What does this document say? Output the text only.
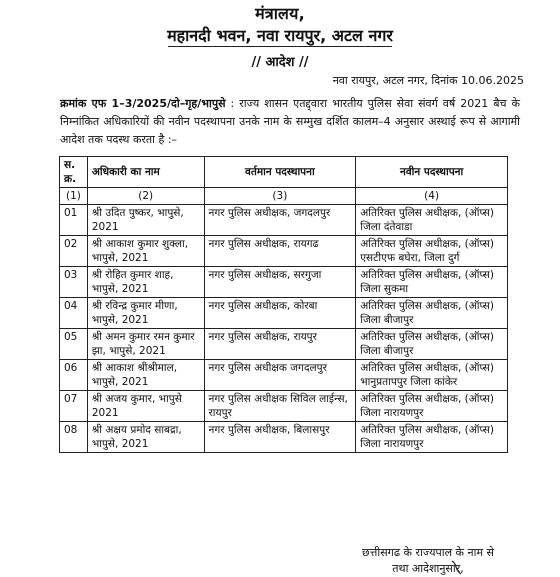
मंत्रालय,
महानदी भवन, नवा रायपुर, अटल नगर
// आदेश //
नवा रायपुर, अटल नगर, दिनांक 10.06.2025
क्रमांक एफ 1–3/2025/दो–गृह/भापुसे : राज्य शासन एतद्द्वारा भारतीय पुलिस सेवा संवर्ग वर्ष 2021 बैच के निम्नांकित अधिकारियों की नवीन पदस्थापना उनके नाम के सम्मुख दर्शित कालम–4 अनुसार अस्थाई रूप से आगामी आदेश तक पदस्थ करता है :–
स. क्र.	अधिकारी का नाम	वर्तमान पदस्थापना	नवीन पदस्थापना
(1)	(2)	(3)	(4)
01	श्री उदित पुष्कर, भापुसे, 2021	नगर पुलिस अधीक्षक, जगदलपुर	अतिरिक्त पुलिस अधीक्षक, (ऑप्स) जिला दंतेवाडा
02	श्री आकाश कुमार शुक्ला, भापुसे, 2021	नगर पुलिस अधीक्षक, रायगढ	अतिरिक्त पुलिस अधीक्षक, (ऑप्स) एसटीएफ बघेरा, जिला दुर्ग
03	श्री रोहित कुमार शाह, भापुसे, 2021	नगर पुलिस अधीक्षक, सरगुजा	अतिरिक्त पुलिस अधीक्षक, (ऑप्स) जिला सुकमा
04	श्री रविन्द्र कुमार मीणा, भापुसे, 2021	नगर पुलिस अधीक्षक, कोरबा	अतिरिक्त पुलिस अधीक्षक, (ऑप्स) जिला बीजापुर
05	श्री अमन कुमार रमन कुमार झा, भापुसे, 2021	नगर पुलिस अधीक्षक, रायपुर	अतिरिक्त पुलिस अधीक्षक, (ऑप्स) जिला बीजापुर
06	श्री आकाश श्रीश्रीमाल, भापुसे, 2021	नगर पुलिस अधीक्षक जगदलपुर	अतिरिक्त पुलिस अधीक्षक, (ऑप्स) भानुप्रतापपुर जिला कांकेर
07	श्री अजय कुमार, भापुसे 2021	नगर पुलिस अधीक्षक सिविल लाईन्स, रायपुर	अतिरिक्त पुलिस अधीक्षक, (ऑप्स) जिला नारायणपुर
08	श्री अक्षय प्रमोद साबद्रा, भापुसे, 2021	नगर पुलिस अधीक्षक, बिलासपुर	अतिरिक्त पुलिस अधीक्षक, (ऑप्स) जिला नारायणपुर
छत्तीसगढ के राज्यपाल के नाम से
तथा आदेशानुसार,
